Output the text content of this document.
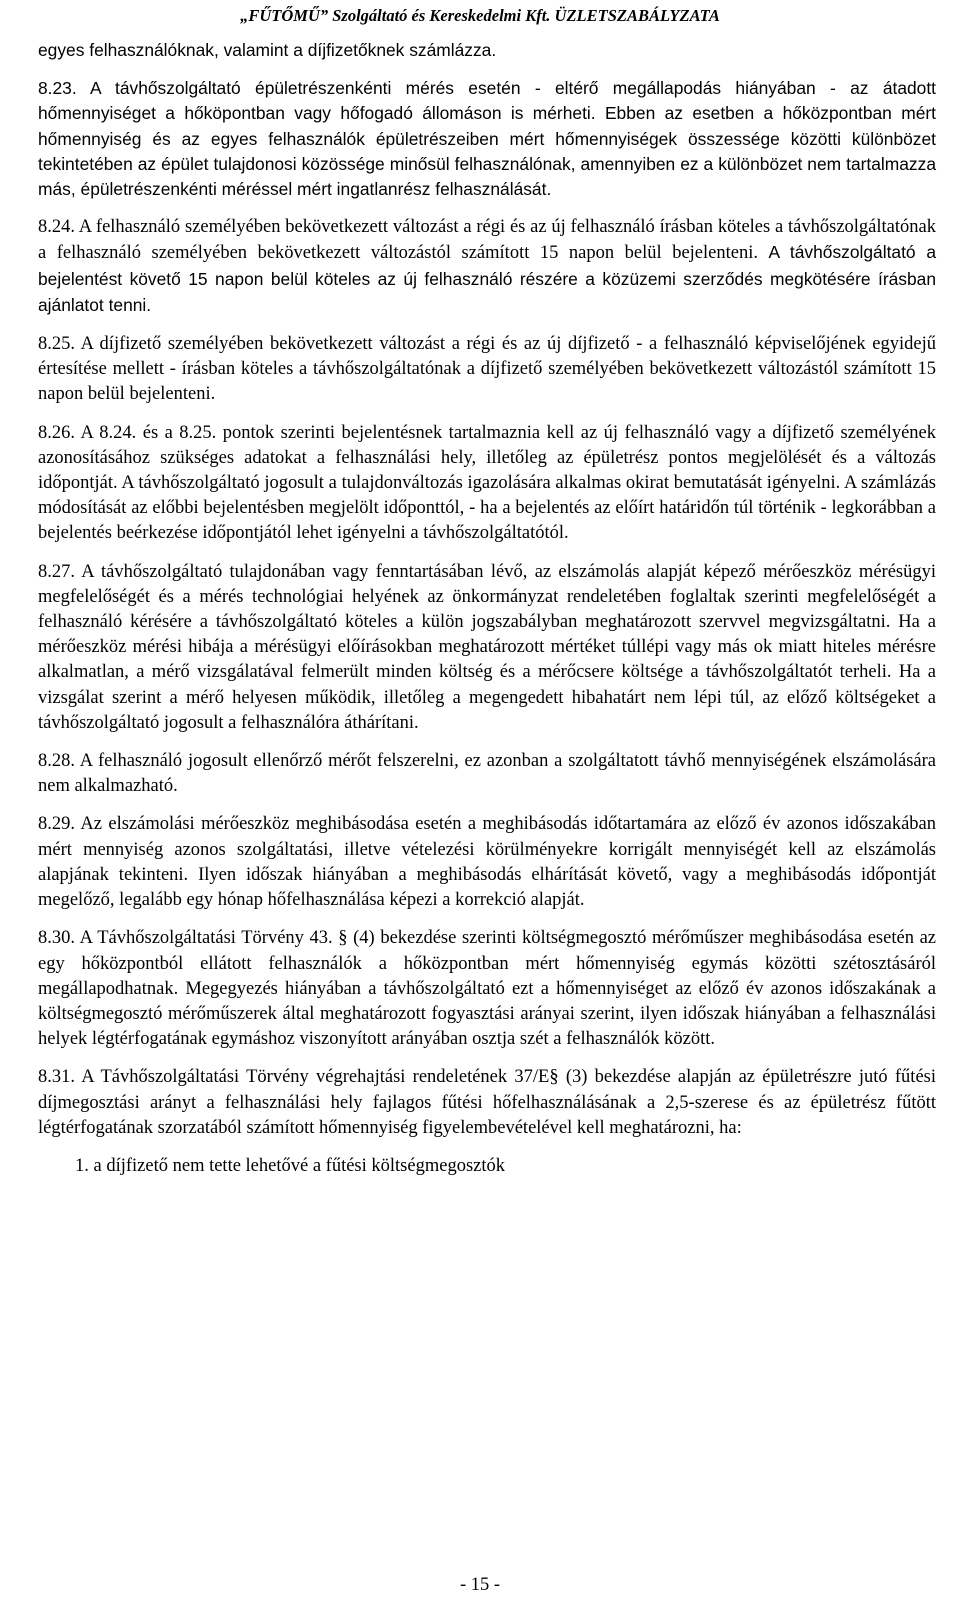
„FŰTŐMŰ” Szolgáltató és Kereskedelmi Kft. ÜZLETSZABÁLYZATA

egyes felhasználóknak, valamint a díjfizetőknek számlázza.

8.23. A távhőszolgáltató épületrészenkénti mérés esetén - eltérő megállapodás hiányában - az átadott hőmennyiséget a hőköpontban vagy hőfogadó állomáson is mérheti. Ebben az esetben a hőközpontban mért hőmennyiség és az egyes felhasználók épületrészeiben mért hőmennyiségek összessége közötti különbözet tekintetében az épület tulajdonosi közössége minősül felhasználónak, amennyiben ez a különbözet nem tartalmazza más, épületrészenkénti méréssel mért ingatlanrész felhasználását.

8.24. A felhasználó személyében bekövetkezett változást a régi és az új felhasználó írásban köteles a távhőszolgáltatónak a felhasználó személyében bekövetkezett változástól számított 15 napon belül bejelenteni. A távhőszolgáltató a bejelentést követő 15 napon belül köteles az új felhasználó részére a közüzemi szerződés megkötésére írásban ajánlatot tenni.

8.25. A díjfizető személyében bekövetkezett változást a régi és az új díjfizető - a felhasználó képviselőjének egyidejű értesítése mellett - írásban köteles a távhőszolgáltatónak a díjfizető személyében bekövetkezett változástól számított 15 napon belül bejelenteni.

8.26. A 8.24. és a 8.25. pontok szerinti bejelentésnek tartalmaznia kell az új felhasználó vagy a díjfizető személyének azonosításához szükséges adatokat a felhasználási hely, illetőleg az épületrész pontos megjelölését és a változás időpontját. A távhőszolgáltató jogosult a tulajdonváltozás igazolására alkalmas okirat bemutatását igényelni. A számlázás módosítását az előbbi bejelentésben megjelölt időponttól, - ha a bejelentés az előírt határidőn túl történik - legkorábban a bejelentés beérkezése időpontjától lehet igényelni a távhőszolgáltatótól.

8.27. A távhőszolgáltató tulajdonában vagy fenntartásában lévő, az elszámolás alapját képező mérőeszköz mérésügyi megfelelőségét és a mérés technológiai helyének az önkormányzat rendeletében foglaltak szerinti megfelelőségét a felhasználó kérésére a távhőszolgáltató köteles a külön jogszabályban meghatározott szervvel megvizsgáltatni. Ha a mérőeszköz mérési hibája a mérésügyi előírásokban meghatározott mértéket túllépi vagy más ok miatt hiteles mérésre alkalmatlan, a mérő vizsgálatával felmerült minden költség és a mérőcsere költsége a távhőszolgáltatót terheli. Ha a vizsgálat szerint a mérő helyesen működik, illetőleg a megengedett hibahatárt nem lépi túl, az előző költségeket a távhőszolgáltató jogosult a felhasználóra áthárítani.

8.28. A felhasználó jogosult ellenőrző mérőt felszerelni, ez azonban a szolgáltatott távhő mennyiségének elszámolására nem alkalmazható.

8.29. Az elszámolási mérőeszköz meghibásodása esetén a meghibásodás időtartamára az előző év azonos időszakában mért mennyiség azonos szolgáltatási, illetve vételezési körülményekre korrigált mennyiségét kell az elszámolás alapjának tekinteni. Ilyen időszak hiányában a meghibásodás elhárítását követő, vagy a meghibásodás időpontját megelőző, legalább egy hónap hőfelhasználása képezi a korrekció alapját.

8.30. A Távhőszolgáltatási Törvény 43. § (4) bekezdése szerinti költségmegosztó mérőműszer meghibásodása esetén az egy hőközpontból ellátott felhasználók a hőközpontban mért hőmennyiség egymás közötti szétosztásáról megállapodhatnak. Megegyezés hiányában a távhőszolgáltató ezt a hőmennyiséget az előző év azonos időszakának a költségmegosztó mérőműszerek által meghatározott fogyasztási arányai szerint, ilyen időszak hiányában a felhasználási helyek légtérfogatának egymáshoz viszonyított arányában osztja szét a felhasználók között.

8.31. A Távhőszolgáltatási Törvény végrehajtási rendeletének 37/E§ (3) bekezdése alapján az épületrészre jutó fűtési díjmegosztási arányt a felhasználási hely fajlagos fűtési hőfelhasználásának a 2,5-szerese és az épületrész fűtött légtérfogatának szorzatából számított hőmennyiség figyelembevételével kell meghatározni, ha:

1. a díjfizető nem tette lehetővé a fűtési költségmegosztók
- 15 -
